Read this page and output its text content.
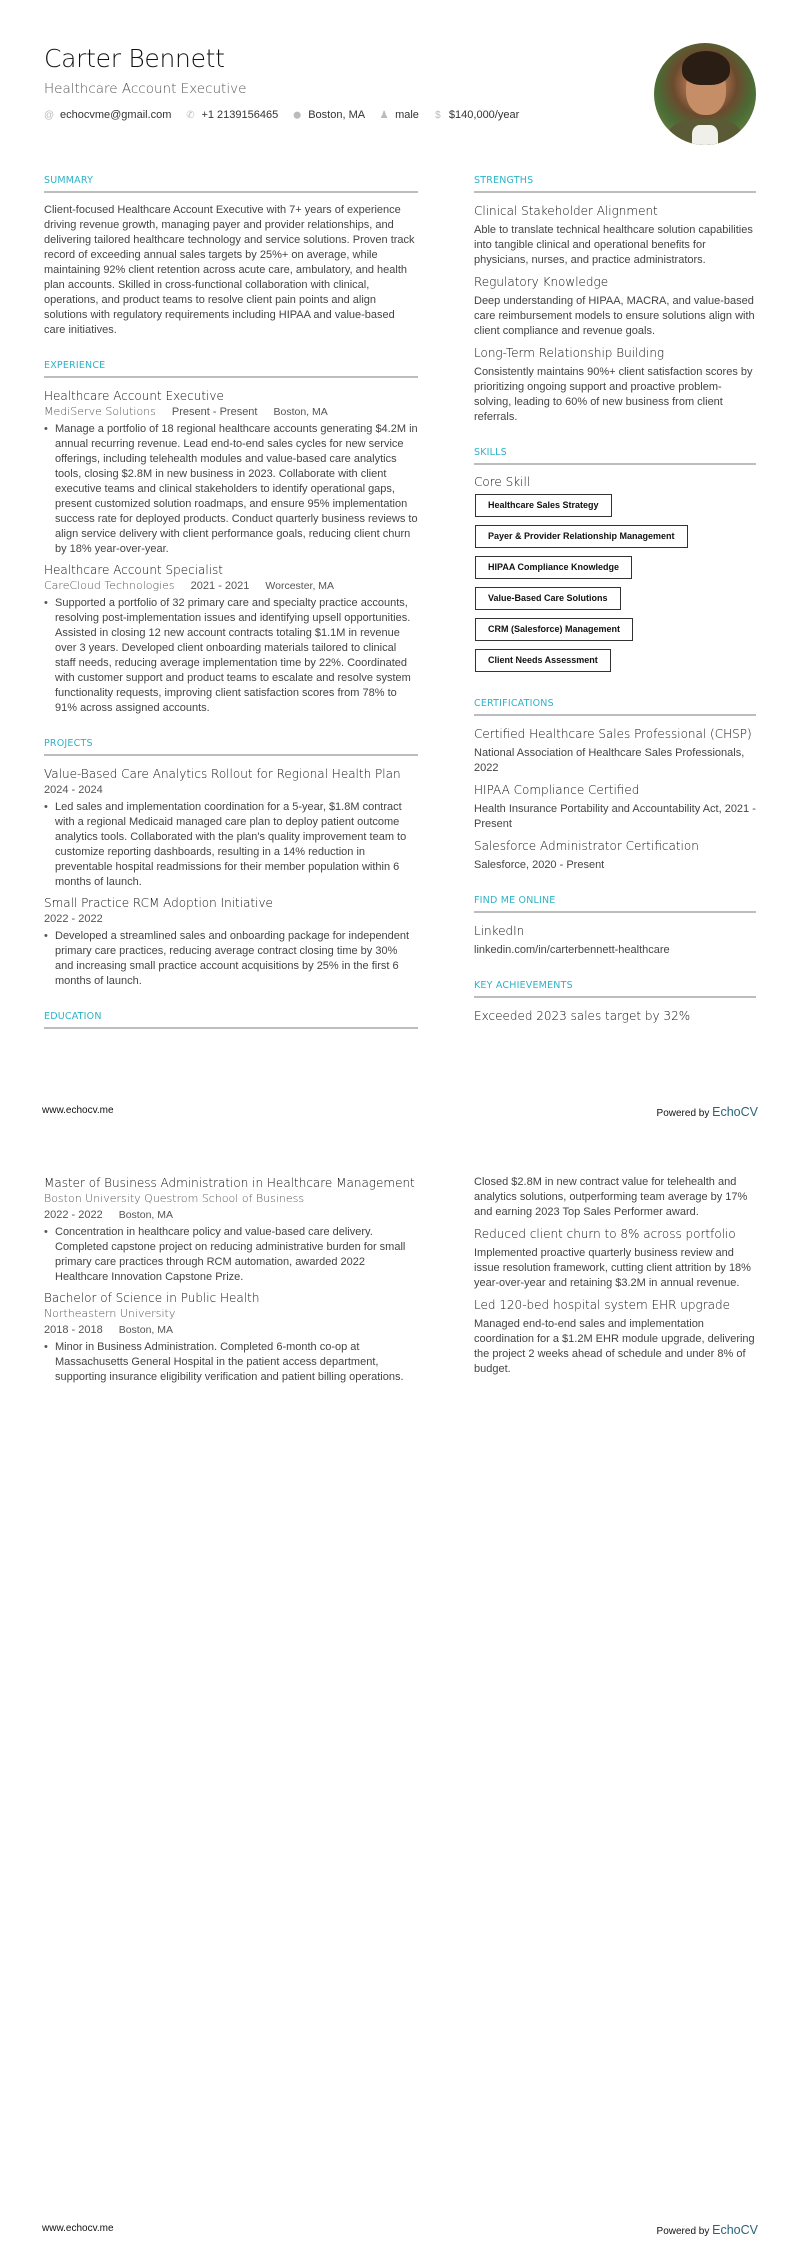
Carter Bennett
Healthcare Account Executive
@ echocvme@gmail.com ✆ +1 2139156465 ⬤ Boston, MA ♟ male $ $140,000/year
SUMMARY
Client-focused Healthcare Account Executive with 7+ years of experience driving revenue growth, managing payer and provider relationships, and delivering tailored healthcare technology and service solutions. Proven track record of exceeding annual sales targets by 25%+ on average, while maintaining 92% client retention across acute care, ambulatory, and health plan accounts. Skilled in cross-functional collaboration with clinical, operations, and product teams to resolve client pain points and align solutions with regulatory requirements including HIPAA and value-based care initiatives.
EXPERIENCE
Healthcare Account Executive
MediServe Solutions Present - Present Boston, MA
• Manage a portfolio of 18 regional healthcare accounts generating $4.2M in annual recurring revenue. Lead end-to-end sales cycles for new service offerings, including telehealth modules and value-based care analytics tools, closing $2.8M in new business in 2023. Collaborate with client executive teams and clinical stakeholders to identify operational gaps, present customized solution roadmaps, and ensure 95% implementation success rate for deployed products. Conduct quarterly business reviews to align service delivery with client performance goals, reducing client churn by 18% year-over-year.
Healthcare Account Specialist
CareCloud Technologies 2021 - 2021 Worcester, MA
• Supported a portfolio of 32 primary care and specialty practice accounts, resolving post-implementation issues and identifying upsell opportunities. Assisted in closing 12 new account contracts totaling $1.1M in revenue over 3 years. Developed client onboarding materials tailored to clinical staff needs, reducing average implementation time by 22%. Coordinated with customer support and product teams to escalate and resolve system functionality requests, improving client satisfaction scores from 78% to 91% across assigned accounts.
PROJECTS
Value-Based Care Analytics Rollout for Regional Health Plan
2024 - 2024
• Led sales and implementation coordination for a 5-year, $1.8M contract with a regional Medicaid managed care plan to deploy patient outcome analytics tools. Collaborated with the plan's quality improvement team to customize reporting dashboards, resulting in a 14% reduction in preventable hospital readmissions for their member population within 6 months of launch.
Small Practice RCM Adoption Initiative
2022 - 2022
• Developed a streamlined sales and onboarding package for independent primary care practices, reducing average contract closing time by 30% and increasing small practice account acquisitions by 25% in the first 6 months of launch.
EDUCATION
STRENGTHS
Clinical Stakeholder Alignment
Able to translate technical healthcare solution capabilities into tangible clinical and operational benefits for physicians, nurses, and practice administrators.
Regulatory Knowledge
Deep understanding of HIPAA, MACRA, and value-based care reimbursement models to ensure solutions align with client compliance and revenue goals.
Long-Term Relationship Building
Consistently maintains 90%+ client satisfaction scores by prioritizing ongoing support and proactive problem-solving, leading to 60% of new business from client referrals.
SKILLS
Core Skill
Healthcare Sales Strategy
Payer & Provider Relationship Management
HIPAA Compliance Knowledge
Value-Based Care Solutions
CRM (Salesforce) Management
Client Needs Assessment
CERTIFICATIONS
Certified Healthcare Sales Professional (CHSP)
National Association of Healthcare Sales Professionals, 2022
HIPAA Compliance Certified
Health Insurance Portability and Accountability Act, 2021 - Present
Salesforce Administrator Certification
Salesforce, 2020 - Present
FIND ME ONLINE
LinkedIn
linkedin.com/in/carterbennett-healthcare
KEY ACHIEVEMENTS
Exceeded 2023 sales target by 32%
www.echocv.me	Powered by EchoCV
Master of Business Administration in Healthcare Management
Boston University Questrom School of Business
2022 - 2022 Boston, MA
• Concentration in healthcare policy and value-based care delivery. Completed capstone project on reducing administrative burden for small primary care practices through RCM automation, awarded 2022 Healthcare Innovation Capstone Prize.
Bachelor of Science in Public Health
Northeastern University
2018 - 2018 Boston, MA
• Minor in Business Administration. Completed 6-month co-op at Massachusetts General Hospital in the patient access department, supporting insurance eligibility verification and patient billing operations.
Closed $2.8M in new contract value for telehealth and analytics solutions, outperforming team average by 17% and earning 2023 Top Sales Performer award.
Reduced client churn to 8% across portfolio
Implemented proactive quarterly business review and issue resolution framework, cutting client attrition by 18% year-over-year and retaining $3.2M in annual revenue.
Led 120-bed hospital system EHR upgrade
Managed end-to-end sales and implementation coordination for a $1.2M EHR module upgrade, delivering the project 2 weeks ahead of schedule and under 8% of budget.
www.echocv.me	Powered by EchoCV
